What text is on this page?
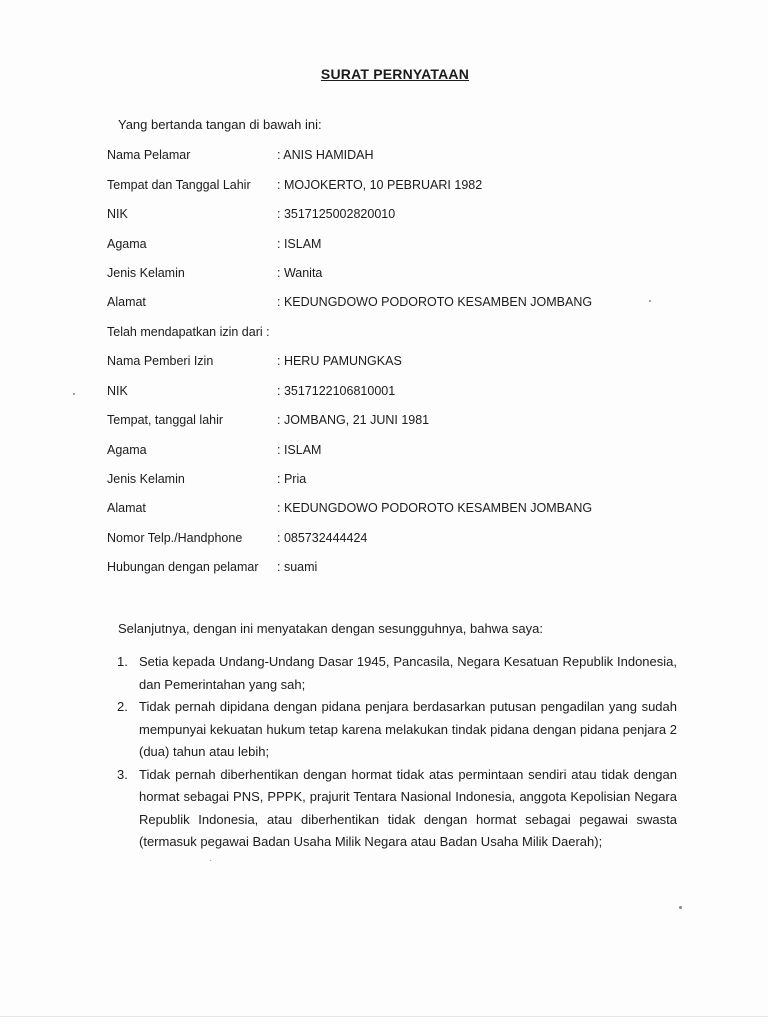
SURAT PERNYATAAN
Yang bertanda tangan di bawah ini:
Nama Pelamar	: ANIS HAMIDAH
Tempat dan Tanggal Lahir : MOJOKERTO, 10 PEBRUARI 1982
NIK	: 3517125002820010
Agama	: ISLAM
Jenis Kelamin	: Wanita
Alamat	: KEDUNGDOWO PODOROTO KESAMBEN JOMBANG
Telah mendapatkan izin dari :
Nama Pemberi Izin	: HERU PAMUNGKAS
NIK	: 3517122106810001
Tempat, tanggal lahir	: JOMBANG, 21 JUNI 1981
Agama	: ISLAM
Jenis Kelamin	: Pria
Alamat	: KEDUNGDOWO PODOROTO KESAMBEN JOMBANG
Nomor Telp./Handphone	: 085732444424
Hubungan dengan pelamar : suami
Selanjutnya, dengan ini menyatakan dengan sesungguhnya, bahwa saya:
1. Setia kepada Undang-Undang Dasar 1945, Pancasila, Negara Kesatuan Republik Indonesia, dan Pemerintahan yang sah;
2. Tidak pernah dipidana dengan pidana penjara berdasarkan putusan pengadilan yang sudah mempunyai kekuatan hukum tetap karena melakukan tindak pidana dengan pidana penjara 2 (dua) tahun atau lebih;
3. Tidak pernah diberhentikan dengan hormat tidak atas permintaan sendiri atau tidak dengan hormat sebagai PNS, PPPK, prajurit Tentara Nasional Indonesia, anggota Kepolisian Negara Republik Indonesia, atau diberhentikan tidak dengan hormat sebagai pegawai swasta (termasuk pegawai Badan Usaha Milik Negara atau Badan Usaha Milik Daerah);
